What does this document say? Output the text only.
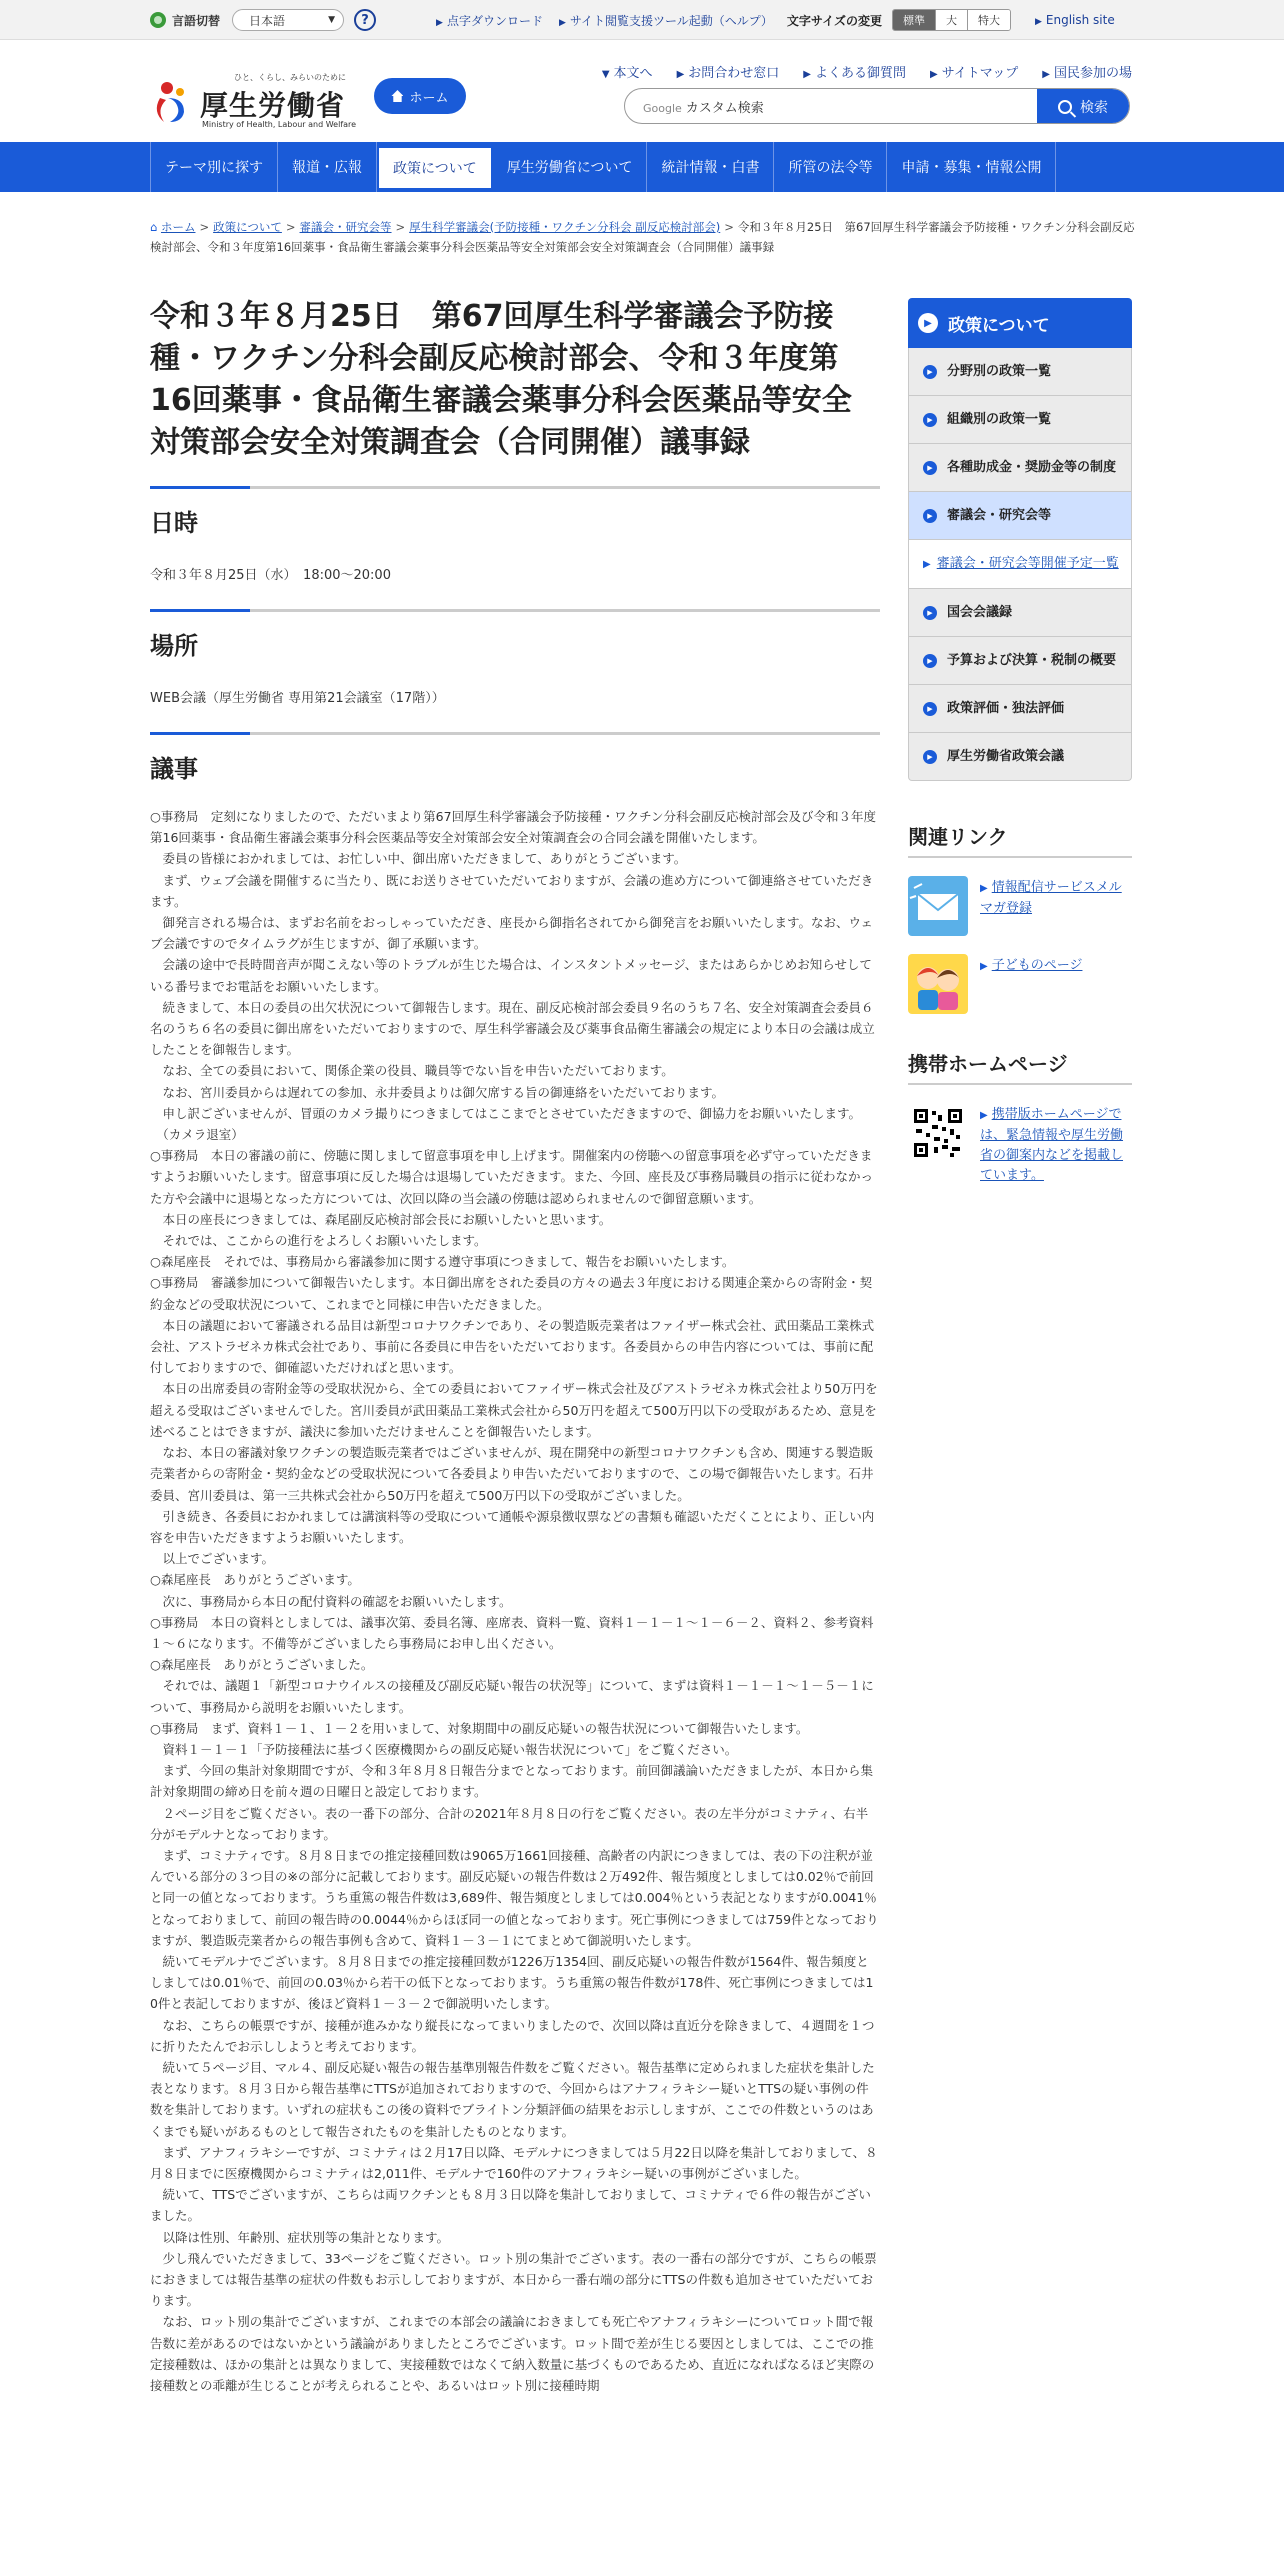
言語切替 日本語	▼ ?	▶ 点字ダウンロード ▶ サイト閲覧支援ツール起動（ヘルプ） 文字サイズの変更	標準	大	特大	▶ English site
ひと、くらし、みらいのために
厚生労働省
Ministry of Health, Labour and Welfare
ホーム
▼ 本文へ ▶ お問合わせ窓口 ▶ よくある御質問 ▶ サイトマップ ▶ 国民参加の場
Google カスタム検索	検索
テーマ別に探す	報道・広報	政策について	厚生労働省について	統計情報・白書	所管の法令等	申請・募集・情報公開
⌂ ホーム > 政策について > 審議会・研究会等 > 厚生科学審議会(予防接種・ワクチン分科会 副反応検討部会) > 令和３年８月25日　第67回厚生科学審議会予防接種・ワクチン分科会副反応検討部会、令和３年度第16回薬事・食品衛生審議会薬事分科会医薬品等安全対策部会安全対策調査会（合同開催）議事録
令和３年８月25日　第67回厚生科学審議会予防接種・ワクチン分科会副反応検討部会、令和３年度第16回薬事・食品衛生審議会薬事分科会医薬品等安全対策部会安全対策調査会（合同開催）議事録
日時

令和３年８月25日（水）　18:00～20:00

場所

WEB会議（厚生労働省 専用第21会議室（17階））

議事
○事務局　定刻になりましたので、ただいまより第67回厚生科学審議会予防接種・ワクチン分科会副反応検討部会及び令和３年度第16回薬事・食品衛生審議会薬事分科会医薬品等安全対策部会安全対策調査会の合同会議を開催いたします。
　委員の皆様におかれましては、お忙しい中、御出席いただきまして、ありがとうございます。
　まず、ウェブ会議を開催するに当たり、既にお送りさせていただいておりますが、会議の進め方について御連絡させていただきます。
　御発言される場合は、まずお名前をおっしゃっていただき、座長から御指名されてから御発言をお願いいたします。なお、ウェブ会議ですのでタイムラグが生じますが、御了承願います。
　会議の途中で長時間音声が聞こえない等のトラブルが生じた場合は、インスタントメッセージ、またはあらかじめお知らせしている番号までお電話をお願いいたします。
　続きまして、本日の委員の出欠状況について御報告します。現在、副反応検討部会委員９名のうち７名、安全対策調査会委員６名のうち６名の委員に御出席をいただいておりますので、厚生科学審議会及び薬事食品衛生審議会の規定により本日の会議は成立したことを御報告します。
　なお、全ての委員において、関係企業の役員、職員等でない旨を申告いただいております。
　なお、宮川委員からは遅れての参加、永井委員よりは御欠席する旨の御連絡をいただいております。
　申し訳ございませんが、冒頭のカメラ撮りにつきましてはここまでとさせていただきますので、御協力をお願いいたします。
　（カメラ退室）
○事務局　本日の審議の前に、傍聴に関しまして留意事項を申し上げます。開催案内の傍聴への留意事項を必ず守っていただきますようお願いいたします。留意事項に反した場合は退場していただきます。また、今回、座長及び事務局職員の指示に従わなかった方や会議中に退場となった方については、次回以降の当会議の傍聴は認められませんので御留意願います。
　本日の座長につきましては、森尾副反応検討部会長にお願いしたいと思います。
　それでは、ここからの進行をよろしくお願いいたします。
○森尾座長　それでは、事務局から審議参加に関する遵守事項につきまして、報告をお願いいたします。
○事務局　審議参加について御報告いたします。本日御出席をされた委員の方々の過去３年度における関連企業からの寄附金・契約金などの受取状況について、これまでと同様に申告いただきました。
　本日の議題において審議される品目は新型コロナワクチンであり、その製造販売業者はファイザー株式会社、武田薬品工業株式会社、アストラゼネカ株式会社であり、事前に各委員に申告をいただいております。各委員からの申告内容については、事前に配付しておりますので、御確認いただければと思います。
　本日の出席委員の寄附金等の受取状況から、全ての委員においてファイザー株式会社及びアストラゼネカ株式会社より50万円を超える受取はございませんでした。宮川委員が武田薬品工業株式会社から50万円を超えて500万円以下の受取があるため、意見を述べることはできますが、議決に参加いただけませんことを御報告いたします。
　なお、本日の審議対象ワクチンの製造販売業者ではございませんが、現在開発中の新型コロナワクチンも含め、関連する製造販売業者からの寄附金・契約金などの受取状況について各委員より申告いただいておりますので、この場で御報告いたします。石井委員、宮川委員は、第一三共株式会社から50万円を超えて500万円以下の受取がございました。
　引き続き、各委員におかれましては講演料等の受取について通帳や源泉徴収票などの書類も確認いただくことにより、正しい内容を申告いただきますようお願いいたします。
　以上でございます。
○森尾座長　ありがとうございます。
　次に、事務局から本日の配付資料の確認をお願いいたします。
○事務局　本日の資料としましては、議事次第、委員名簿、座席表、資料一覧、資料１－１－１～１－６－２、資料２、参考資料１～６になります。不備等がございましたら事務局にお申し出ください。
○森尾座長　ありがとうございました。
　それでは、議題１「新型コロナウイルスの接種及び副反応疑い報告の状況等」について、まずは資料１－１－１～１－５－１について、事務局から説明をお願いいたします。
○事務局　まず、資料１－１、１－２を用いまして、対象期間中の副反応疑いの報告状況について御報告いたします。
　資料１－１－１「予防接種法に基づく医療機関からの副反応疑い報告状況について」をご覧ください。
　まず、今回の集計対象期間ですが、令和３年８月８日報告分までとなっております。前回御議論いただきましたが、本日から集計対象期間の締め日を前々週の日曜日と設定しております。
　２ページ目をご覧ください。表の一番下の部分、合計の2021年８月８日の行をご覧ください。表の左半分がコミナティ、右半分がモデルナとなっております。
　まず、コミナティです。８月８日までの推定接種回数は9065万1661回接種、高齢者の内訳につきましては、表の下の注釈が並んでいる部分の３つ目の※の部分に記載しております。副反応疑いの報告件数は２万492件、報告頻度としましては0.02％で前回と同一の値となっております。うち重篤の報告件数は3,689件、報告頻度としましては0.004％という表記となりますが0.0041％となっておりまして、前回の報告時の0.0044％からほぼ同一の値となっております。死亡事例につきましては759件となっておりますが、製造販売業者からの報告事例も含めて、資料１－３－１にてまとめて御説明いたします。
　続いてモデルナでございます。８月８日までの推定接種回数が1226万1354回、副反応疑いの報告件数が1564件、報告頻度としましては0.01％で、前回の0.03％から若干の低下となっております。うち重篤の報告件数が178件、死亡事例につきましては10件と表記しておりますが、後ほど資料１－３－２で御説明いたします。
　なお、こちらの帳票ですが、接種が進みかなり縦長になってまいりましたので、次回以降は直近分を除きまして、４週間を１つに折りたたんでお示ししようと考えております。
　続いて５ページ目、マル４、副反応疑い報告の報告基準別報告件数をご覧ください。報告基準に定められました症状を集計した表となります。８月３日から報告基準にTTSが追加されておりますので、今回からはアナフィラキシー疑いとTTSの疑い事例の件数を集計しております。いずれの症状もこの後の資料でブライトン分類評価の結果をお示ししますが、ここでの件数というのはあくまでも疑いがあるものとして報告されたものを集計したものとなります。
　まず、アナフィラキシーですが、コミナティは２月17日以降、モデルナにつきましては５月22日以降を集計しておりまして、８月８日までに医療機関からコミナティは2,011件、モデルナで160件のアナフィラキシー疑いの事例がございました。
　続いて、TTSでございますが、こちらは両ワクチンとも８月３日以降を集計しておりまして、コミナティで６件の報告がございました。
　以降は性別、年齢別、症状別等の集計となります。
　少し飛んでいただきまして、33ページをご覧ください。ロット別の集計でございます。表の一番右の部分ですが、こちらの帳票におきましては報告基準の症状の件数もお示ししておりますが、本日から一番右端の部分にTTSの件数も追加させていただいております。
　なお、ロット別の集計でございますが、これまでの本部会の議論におきましても死亡やアナフィラキシーについてロット間で報告数に差があるのではないかという議論がありましたところでございます。ロット間で差が生じる要因としましては、ここでの推定接種数は、ほかの集計とは異なりまして、実接種数ではなくて納入数量に基づくものであるため、直近になればなるほど実際の接種数との乖離が生じることが考えられることや、あるいはロット別に接種時期
▶ 政策について
▶	分野別の政策一覧
▶	組織別の政策一覧
▶	各種助成金・奨励金等の制度
▶	審議会・研究会等
▶ 審議会・研究会等開催予定一覧
▶	国会会議録
▶	予算および決算・税制の概要
▶	政策評価・独法評価
▶	厚生労働省政策会議
関連リンク
▶ 情報配信サービスメルマガ登録
▶ 子どものページ
携帯ホームページ
▶ 携帯版ホームページでは、緊急情報や厚生労働省の御案内などを掲載しています。
